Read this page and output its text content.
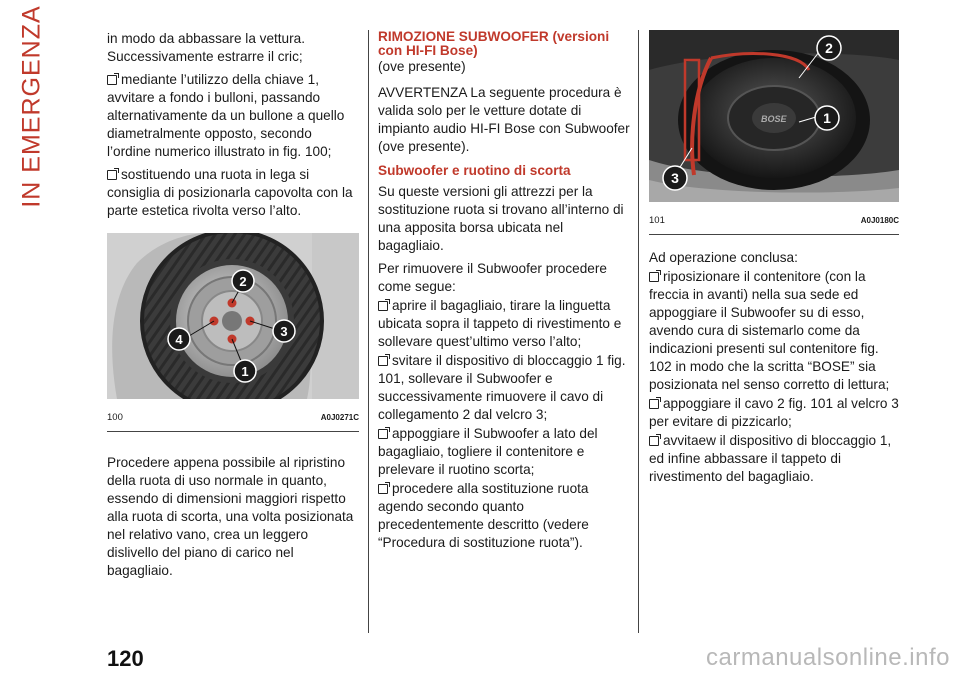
IN EMERGENZA	in modo da abbassare la vettura. Successivamente estrarre il cric;

mediante l’utilizzo della chiave 1, avvitare a fondo i bulloni, passando alternativamente da un bullone a quello diametralmente opposto, secondo l’ordine numerico illustrato in fig. 100;

sostituendo una ruota in lega si consiglia di posizionarla capovolta con la parte estetica rivolta verso l’alto.

2
4
3
1
100	A0J0271C

Procedere appena possibile al ripristino della ruota di uso normale in quanto, essendo di dimensioni maggiori rispetto alla ruota di scorta, una volta posizionata nel relativo vano, crea un leggero dislivello del piano di carico nel bagagliaio.

RIMOZIONE SUBWOOFER (versioni con HI-FI Bose)

(ove presente)

AVVERTENZA La seguente procedura è valida solo per le vetture dotate di impianto audio HI-FI Bose con Subwoofer (ove presente).

Subwoofer e ruotino di scorta

Su queste versioni gli attrezzi per la sostituzione ruota si trovano all’interno di una apposita borsa ubicata nel bagagliaio.

Per rimuovere il Subwoofer procedere come segue:

aprire il bagagliaio, tirare la linguetta ubicata sopra il tappeto di rivestimento e sollevare quest’ultimo verso l’alto;

svitare il dispositivo di bloccaggio 1 fig. 101, sollevare il Subwoofer e successivamente rimuovere il cavo di collegamento 2 dal velcro 3;

appoggiare il Subwoofer a lato del bagagliaio, togliere il contenitore e prelevare il ruotino scorta;

procedere alla sostituzione ruota agendo secondo quanto precedentemente descritto (vedere “Procedura di sostituzione ruota”).

BOSE
2
1
3
101	A0J0180C

Ad operazione conclusa:

riposizionare il contenitore (con la freccia in avanti) nella sua sede ed appoggiare il Subwoofer su di esso, avendo cura di sistemarlo come da indicazioni presenti sul contenitore fig. 102 in modo che la scritta “BOSE” sia posizionata nel senso corretto di lettura;

appoggiare il cavo 2 fig. 101 al velcro 3 per evitare di pizzicarlo;

avvitaew il dispositivo di bloccaggio 1, ed infine abbassare il tappeto di rivestimento del bagagliaio.

120	carmanualsonline.info
